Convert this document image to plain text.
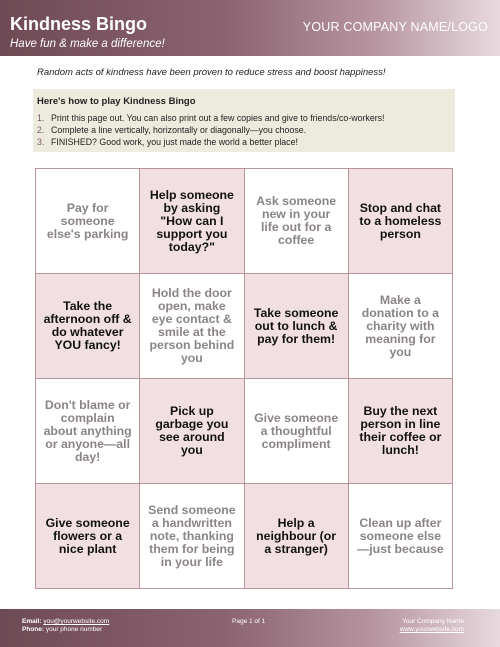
Kindness Bingo
Have fun & make a difference!
YOUR COMPANY NAME/LOGO
Random acts of kindness have been proven to reduce stress and boost happiness!
Here's how to play Kindness Bingo
1. Print this page out. You can also print out a few copies and give to friends/co-workers!
2. Complete a line vertically, horizontally or diagonally—you choose.
3. FINISHED? Good work, you just made the world a better place!
Pay for someone else's parking
Help someone by asking "How can I support you today?"
Ask someone new in your life out for a coffee
Stop and chat to a homeless person
Take the afternoon off & do whatever YOU fancy!
Hold the door open, make eye contact & smile at the person behind you
Take someone out to lunch & pay for them!
Make a donation to a charity with meaning for you
Don't blame or complain about anything or anyone—all day!
Pick up garbage you see around you
Give someone a thoughtful compliment
Buy the next person in line their coffee or lunch!
Give someone flowers or a nice plant
Send someone a handwritten note, thanking them for being in your life
Help a neighbour (or a stranger)
Clean up after someone else—just because
Email: you@yourwebsite.com
Phone: your phone number
Page 1 of 1	Your Company Name
www.yourwebsite.com
